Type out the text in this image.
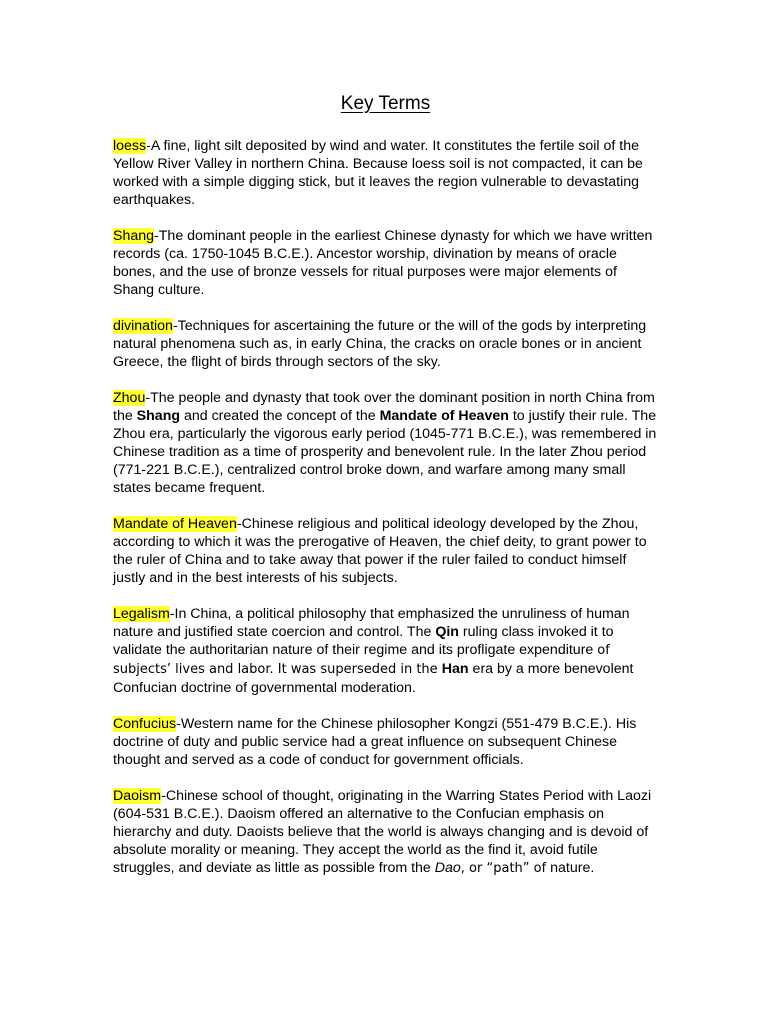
Key Terms

loess-A fine, light silt deposited by wind and water. It constitutes the fertile soil of the Yellow River Valley in northern China. Because loess soil is not compacted, it can be worked with a simple digging stick, but it leaves the region vulnerable to devastating earthquakes.

Shang-The dominant people in the earliest Chinese dynasty for which we have written records (ca. 1750-1045 B.C.E.). Ancestor worship, divination by means of oracle bones, and the use of bronze vessels for ritual purposes were major elements of Shang culture.

divination-Techniques for ascertaining the future or the will of the gods by interpreting natural phenomena such as, in early China, the cracks on oracle bones or in ancient Greece, the flight of birds through sectors of the sky.

Zhou-The people and dynasty that took over the dominant position in north China from the Shang and created the concept of the Mandate of Heaven to justify their rule. The Zhou era, particularly the vigorous early period (1045-771 B.C.E.), was remembered in Chinese tradition as a time of prosperity and benevolent rule. In the later Zhou period (771-221 B.C.E.), centralized control broke down, and warfare among many small states became frequent.

Mandate of Heaven-Chinese religious and political ideology developed by the Zhou, according to which it was the prerogative of Heaven, the chief deity, to grant power to the ruler of China and to take away that power if the ruler failed to conduct himself justly and in the best interests of his subjects.

Legalism-In China, a political philosophy that emphasized the unruliness of human nature and justified state coercion and control. The Qin ruling class invoked it to validate the authoritarian nature of their regime and its profligate expenditure of subjects’ lives and labor. It was superseded in the Han era by a more benevolent Confucian doctrine of governmental moderation.

Confucius-Western name for the Chinese philosopher Kongzi (551-479 B.C.E.). His doctrine of duty and public service had a great influence on subsequent Chinese thought and served as a code of conduct for government officials.

Daoism-Chinese school of thought, originating in the Warring States Period with Laozi (604-531 B.C.E.). Daoism offered an alternative to the Confucian emphasis on hierarchy and duty. Daoists believe that the world is always changing and is devoid of absolute morality or meaning. They accept the world as the find it, avoid futile struggles, and deviate as little as possible from the Dao, or “path” of nature.
